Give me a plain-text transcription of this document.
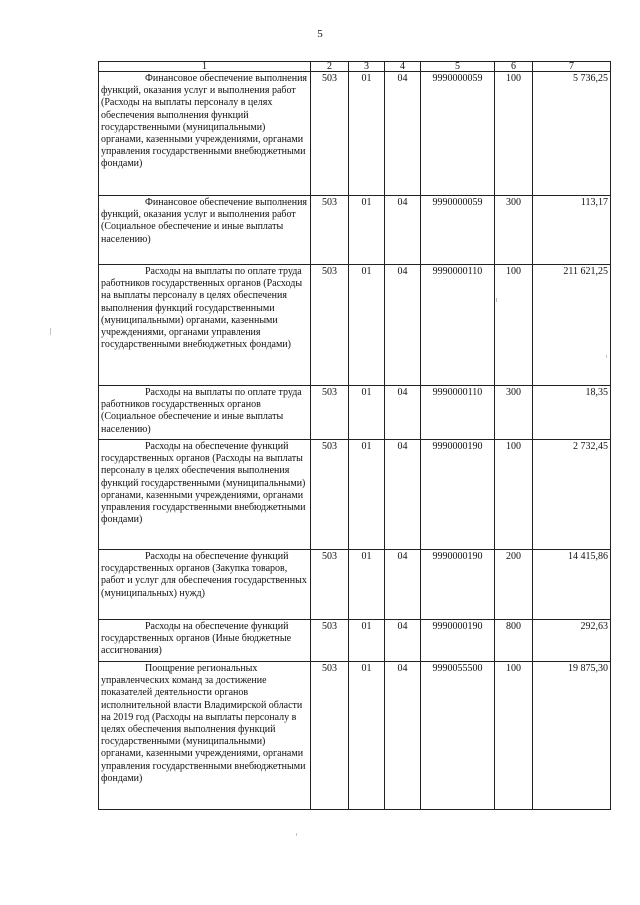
5
1	2	3	4	5	6	7
Финансовое обеспечение выполнения функций, оказания услуг и выполнения работ (Расходы на выплаты персоналу в целях обеспечения выполнения функций государственными (муниципальными) органами, казенными учреждениями, органами управления государственными внебюджетными фондами)	503	01	04	9990000059	100	5 736,25
Финансовое обеспечение выполнения функций, оказания услуг и выполнения работ (Социальное обеспечение и иные выплаты населению)	503	01	04	9990000059	300	113,17
Расходы на выплаты по оплате труда работников государственных органов (Расходы на выплаты персоналу в целях обеспечения выполнения функций государственными (муниципальными) органами, казенными учреждениями, органами управления государственными внебюджетных фондами)	503	01	04	9990000110	100	211 621,25
Расходы на выплаты по оплате труда работников государственных органов (Социальное обеспечение и иные выплаты населению)	503	01	04	9990000110	300	18,35
Расходы на обеспечение функций государственных органов (Расходы на выплаты персоналу в целях обеспечения выполнения функций государственными (муниципальными) органами, казенными учреждениями, органами управления государственными внебюджетными фондами)	503	01	04	9990000190	100	2 732,45
Расходы на обеспечение функций государственных органов (Закупка товаров, работ и услуг для обеспечения государственных (муниципальных) нужд)	503	01	04	9990000190	200	14 415,86
Расходы на обеспечение функций государственных органов (Иные бюджетные ассигнования)	503	01	04	9990000190	800	292,63
Поощрение региональных управленческих команд за достижение показателей деятельности органов исполнительной власти Владимирской области на 2019 год (Расходы на выплаты персоналу в целях обеспечения выполнения функций государственными (муниципальными) органами, казенными учреждениями, органами управления государственными внебюджетными фондами)	503	01	04	9990055500	100	19 875,30
